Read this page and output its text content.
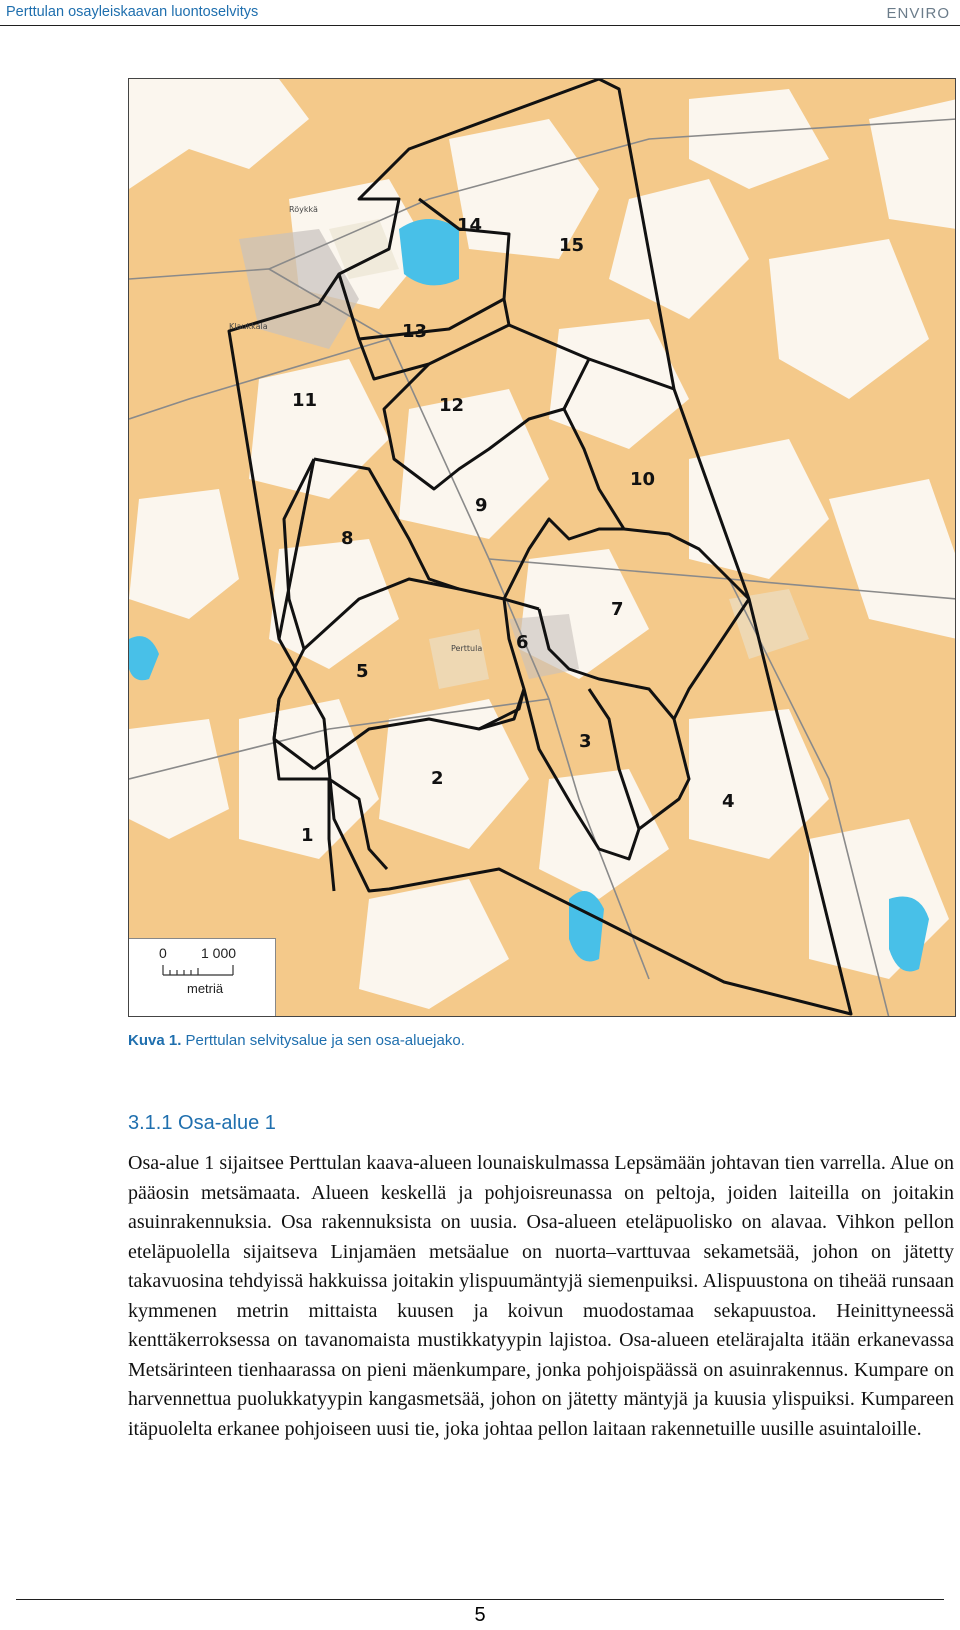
Perttulan osayleiskaavan luontoselvitys	ENVIRO
1
2
3
4
5
6
7
8
9
10
11	12
13
14
15
Röykkä
Perttula
Klaukkala
0 1 000
metriä
Kuva 1. Perttulan selvitysalue ja sen osa-aluejako.
3.1.1 Osa-alue 1
Osa-alue 1 sijaitsee Perttulan kaava-alueen lounaiskulmassa Lepsämään johtavan tien varrella. Alue on pääosin metsämaata. Alueen keskellä ja pohjoisreunassa on peltoja, joiden laiteilla on joitakin asuinrakennuksia. Osa rakennuksista on uusia. Osa-alueen eteläpuolisko on alavaa. Vihkon pellon eteläpuolella sijaitseva Linjamäen metsäalue on nuorta–varttuvaa sekametsää, johon on jätetty takavuosina tehdyissä hakkuissa joitakin ylispuumäntyjä siemenpuiksi. Alispuustona on tiheää runsaan kymmenen metrin mittaista kuusen ja koivun muodostamaa sekapuustoa. Heinittyneessä kenttäkerroksessa on tavanomaista mustikkatyypin lajistoa. Osa-alueen etelärajalta itään erkanevassa Metsärinteen tienhaarassa on pieni mäenkumpare, jonka pohjoispäässä on asuinrakennus. Kumpare on harvennettua puolukkatyypin kangasmetsää, johon on jätetty mäntyjä ja kuusia ylispuiksi. Kumpareen itäpuolelta erkanee pohjoiseen uusi tie, joka johtaa pellon laitaan rakennetuille uusille asuintaloille.
5
